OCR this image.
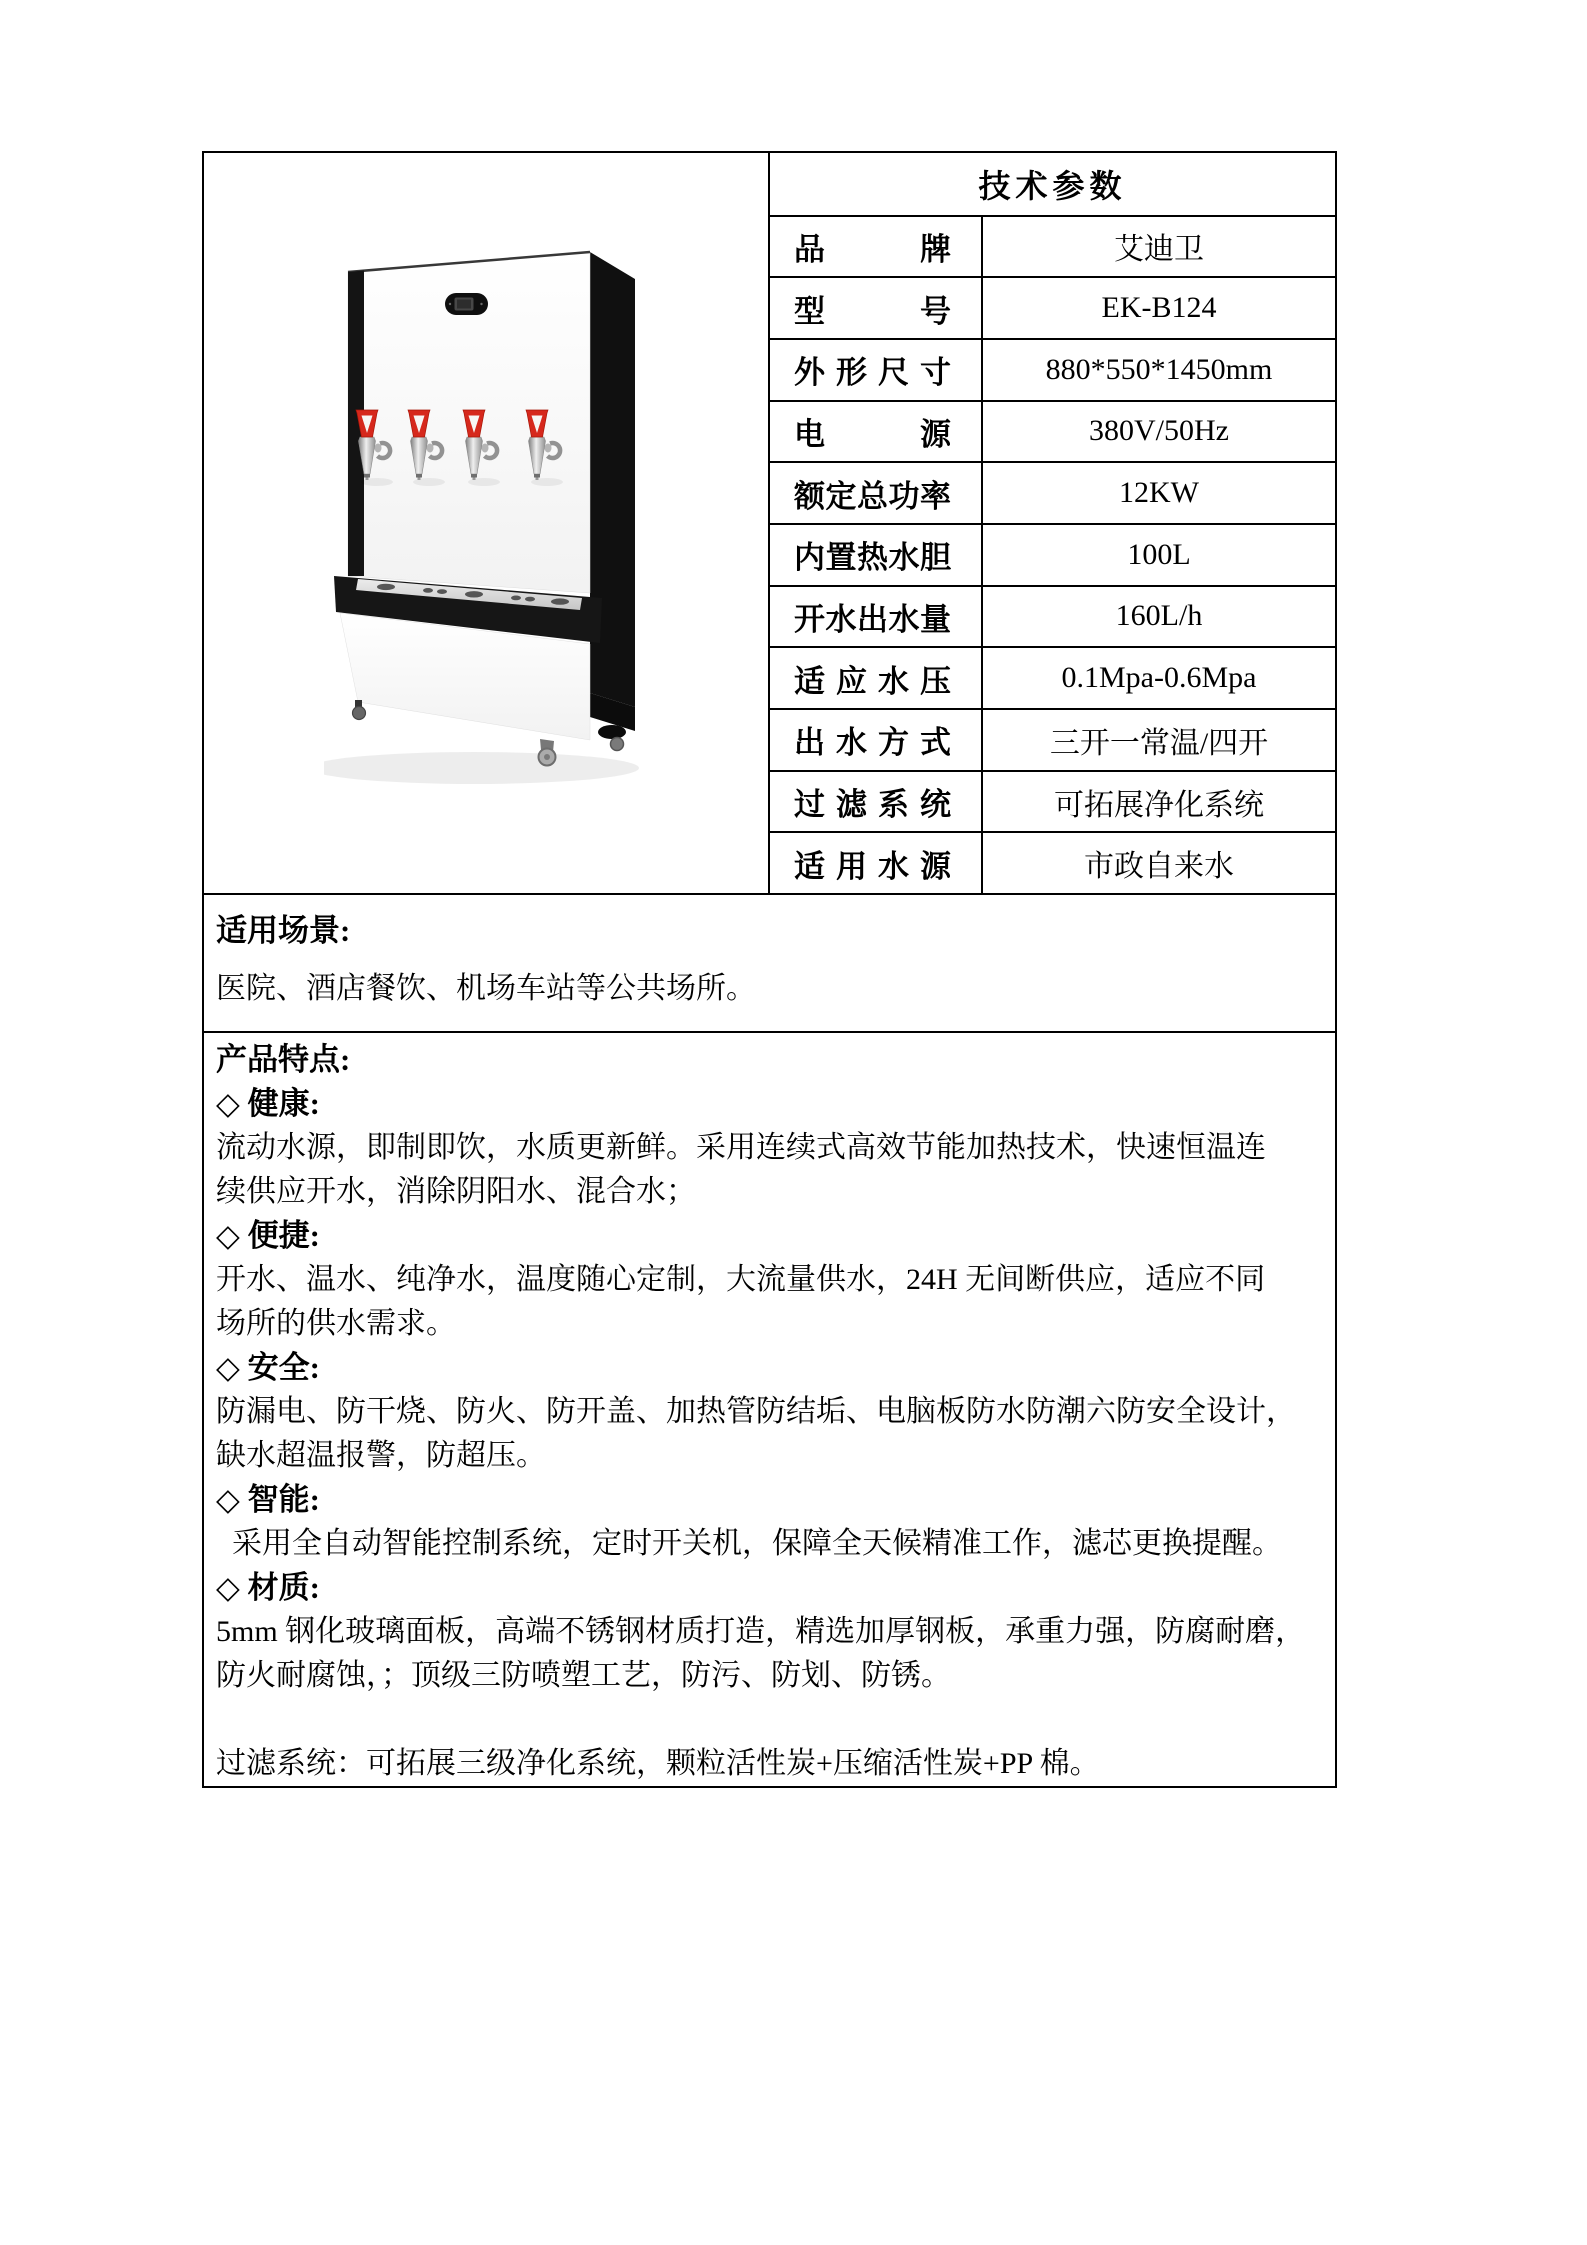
技术参数
品牌	艾迪卫
型号	EK-B124
外形尺寸	880*550*1450mm
电源	380V/50Hz
额定总功率	12KW
内置热水胆	100L
开水出水量	160L/h
适应水压	0.1Mpa-0.6Mpa
出水方式	三开一常温/四开
过滤系统	可拓展净化系统
适用水源	市政自来水
适用场景:
医院、酒店餐饮、机场车站等公共场所。
产品特点:
◇ 健康:
流动水源，即制即饮，水质更新鲜。采用连续式高效节能加热技术，快速恒温连
续供应开水，消除阴阳水、混合水；
◇ 便捷:
开水、温水、纯净水，温度随心定制，大流量供水，24H 无间断供应，适应不同
场所的供水需求。
◇ 安全:
防漏电、防干烧、防火、防开盖、加热管防结垢、电脑板防水防潮六防安全设计，
缺水超温报警，防超压。
◇ 智能:
采用全自动智能控制系统，定时开关机，保障全天候精准工作，滤芯更换提醒。
◇ 材质:
5mm 钢化玻璃面板，高端不锈钢材质打造，精选加厚钢板，承重力强，防腐耐磨，
防火耐腐蚀，；顶级三防喷塑工艺，防污、防划、防锈。

过滤系统：可拓展三级净化系统，颗粒活性炭+压缩活性炭+PP 棉。
